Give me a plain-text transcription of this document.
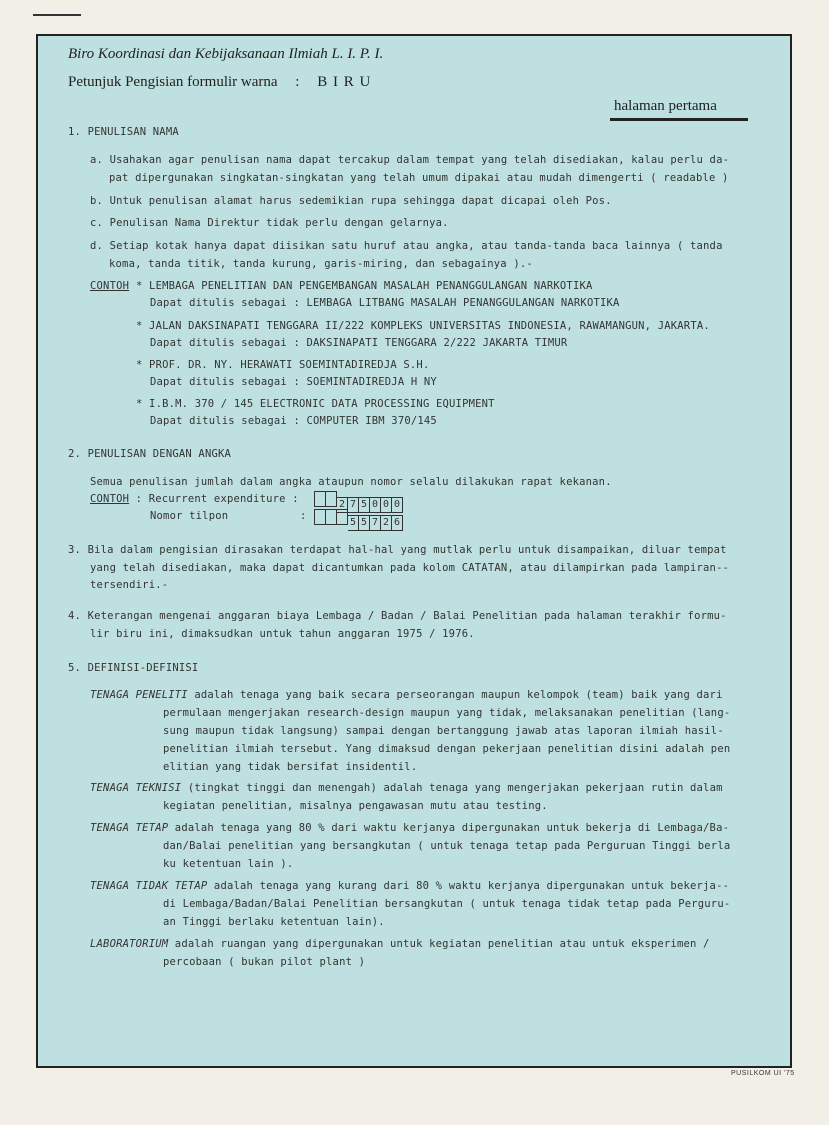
Biro Koordinasi dan Kebijaksanaan Ilmiah L. I. P. I.
Petunjuk Pengisian formulir warna : B I R U
halaman pertama
1. PENULISAN NAMA
a. Usahakan agar penulisan nama dapat tercakup dalam tempat yang telah disediakan, kalau perlu da-
pat dipergunakan singkatan-singkatan yang telah umum dipakai atau mudah dimengerti ( readable )
b. Untuk penulisan alamat harus sedemikian rupa sehingga dapat dicapai oleh Pos.
c. Penulisan Nama Direktur tidak perlu dengan gelarnya.
d. Setiap kotak hanya dapat diisikan satu huruf atau angka, atau tanda-tanda baca lainnya ( tanda
koma, tanda titik, tanda kurung, garis-miring, dan sebagainya ).-
CONTOH * LEMBAGA PENELITIAN DAN PENGEMBANGAN MASALAH PENANGGULANGAN NARKOTIKA
Dapat ditulis sebagai : LEMBAGA LITBANG MASALAH PENANGGULANGAN NARKOTIKA
* JALAN DAKSINAPATI TENGGARA II/222 KOMPLEKS UNIVERSITAS INDONESIA, RAWAMANGUN, JAKARTA.
Dapat ditulis sebagai : DAKSINAPATI TENGGARA 2/222 JAKARTA TIMUR
* PROF. DR. NY. HERAWATI SOEMINTADIREDJA S.H.
Dapat ditulis sebagai : SOEMINTADIREDJA H NY
* I.B.M. 370 / 145 ELECTRONIC DATA PROCESSING EQUIPMENT
Dapat ditulis sebagai : COMPUTER IBM 370/145
2. PENULISAN DENGAN ANGKA
Semua penulisan jumlah dalam angka ataupun nomor selalu dilakukan rapat kekanan.
CONTOH : Recurrent expenditure :	2 7 5 0 0 0
Nomor tilpon	:
5 5 7 2 6
3. Bila dalam pengisian dirasakan terdapat hal-hal yang mutlak perlu untuk disampaikan, diluar tempat
yang telah disediakan, maka dapat dicantumkan pada kolom CATATAN, atau dilampirkan pada lampiran--
tersendiri.-
4. Keterangan mengenai anggaran biaya Lembaga / Badan / Balai Penelitian pada halaman terakhir formu-
lir biru ini, dimaksudkan untuk tahun anggaran 1975 / 1976.
5. DEFINISI-DEFINISI
TENAGA PENELITI adalah tenaga yang baik secara perseorangan maupun kelompok (team) baik yang dari
permulaan mengerjakan research-design maupun yang tidak, melaksanakan penelitian (lang-
sung maupun tidak langsung) sampai dengan bertanggung jawab atas laporan ilmiah hasil-
penelitian ilmiah tersebut. Yang dimaksud dengan pekerjaan penelitian disini adalah pen
elitian yang tidak bersifat insidentil.
TENAGA TEKNISI (tingkat tinggi dan menengah) adalah tenaga yang mengerjakan pekerjaan rutin dalam
kegiatan penelitian, misalnya pengawasan mutu atau testing.
TENAGA TETAP adalah tenaga yang 80 % dari waktu kerjanya dipergunakan untuk bekerja di Lembaga/Ba-
dan/Balai penelitian yang bersangkutan ( untuk tenaga tetap pada Perguruan Tinggi berla
ku ketentuan lain ).
TENAGA TIDAK TETAP adalah tenaga yang kurang dari 80 % waktu kerjanya dipergunakan untuk bekerja--
di Lembaga/Badan/Balai Penelitian bersangkutan ( untuk tenaga tidak tetap pada Perguru-
an Tinggi berlaku ketentuan lain).
LABORATORIUM adalah ruangan yang dipergunakan untuk kegiatan penelitian atau untuk eksperimen /
percobaan ( bukan pilot plant )
PUSILKOM UI '75
